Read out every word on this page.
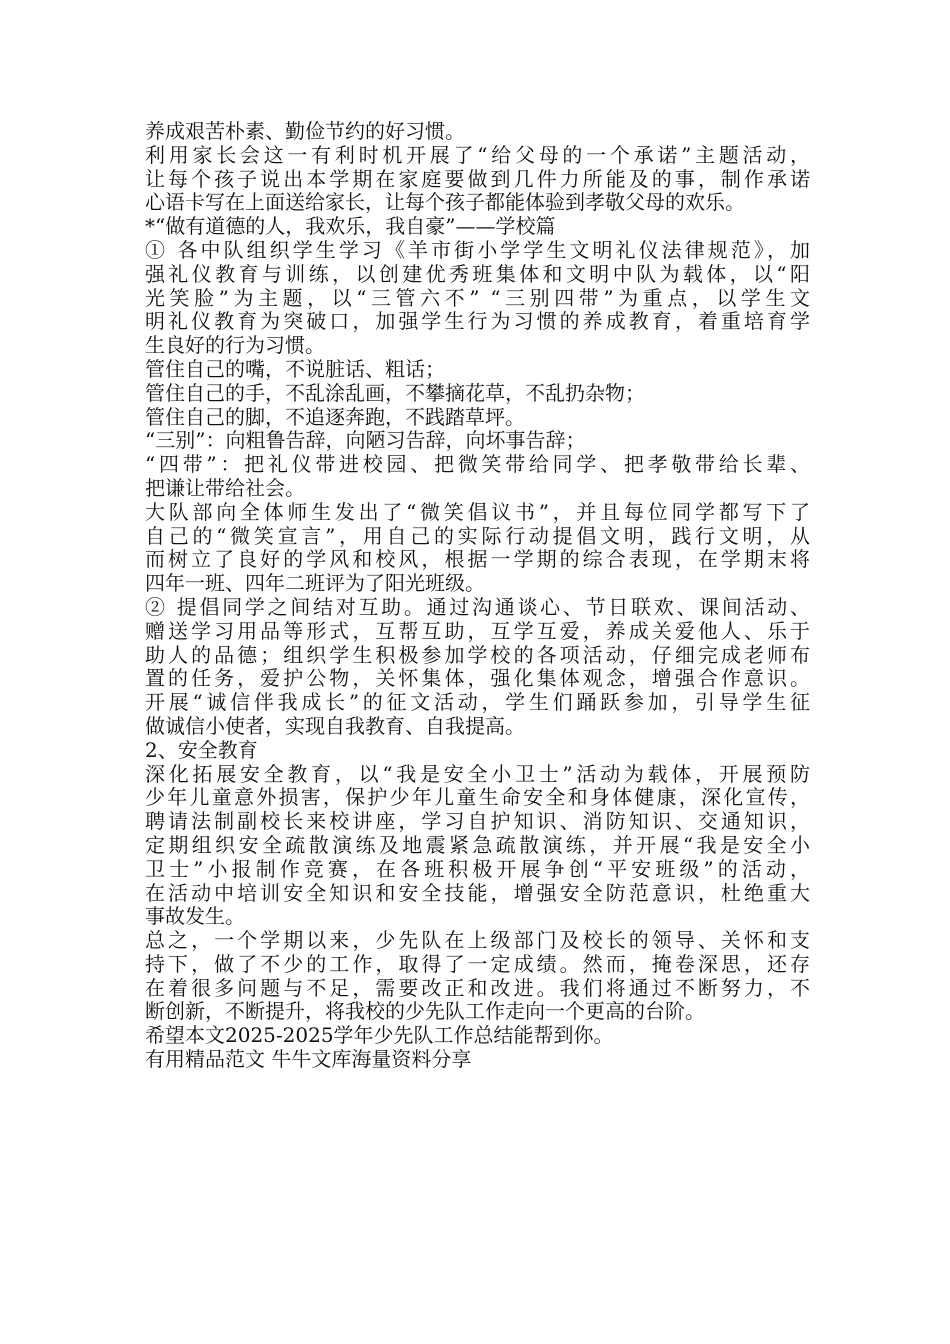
养成艰苦朴素、勤俭节约的好习惯。
利用家长会这一有利时机开展了“给父母的一个承诺”主题活动，
让每个孩子说出本学期在家庭要做到几件力所能及的事，制作承诺
心语卡写在上面送给家长，让每个孩子都能体验到孝敬父母的欢乐。
*“做有道德的人，我欢乐，我自豪”——学校篇
① 各中队组织学生学习《羊市街小学学生文明礼仪法律规范》，加
强礼仪教育与训练，以创建优秀班集体和文明中队为载体，以“阳
光笑脸”为主题，以“三管六不” “三别四带”为重点，以学生文
明礼仪教育为突破口，加强学生行为习惯的养成教育，着重培育学
生良好的行为习惯。
管住自己的嘴，不说脏话、粗话；
管住自己的手，不乱涂乱画，不攀摘花草，不乱扔杂物；
管住自己的脚，不追逐奔跑，不践踏草坪。
“三别”：向粗鲁告辞，向陋习告辞，向坏事告辞；
“四带”：把礼仪带进校园、把微笑带给同学、把孝敬带给长辈、
把谦让带给社会。
大队部向全体师生发出了“微笑倡议书”，并且每位同学都写下了
自己的“微笑宣言”，用自己的实际行动提倡文明，践行文明，从
而树立了良好的学风和校风，根据一学期的综合表现，在学期末将
四年一班、四年二班评为了阳光班级。
② 提倡同学之间结对互助。通过沟通谈心、节日联欢、课间活动、
赠送学习用品等形式，互帮互助，互学互爱，养成关爱他人、乐于
助人的品德；组织学生积极参加学校的各项活动，仔细完成老师布
置的任务，爱护公物，关怀集体，强化集体观念，增强合作意识。
开展“诚信伴我成长”的征文活动，学生们踊跃参加，引导学生征
做诚信小使者，实现自我教育、自我提高。
2、安全教育
深化拓展安全教育，以“我是安全小卫士”活动为载体，开展预防
少年儿童意外损害，保护少年儿童生命安全和身体健康，深化宣传，
聘请法制副校长来校讲座，学习自护知识、消防知识、交通知识，
定期组织安全疏散演练及地震紧急疏散演练，并开展“我是安全小
卫士”小报制作竞赛，在各班积极开展争创“平安班级”的活动，
在活动中培训安全知识和安全技能，增强安全防范意识，杜绝重大
事故发生。
总之，一个学期以来，少先队在上级部门及校长的领导、关怀和支
持下，做了不少的工作，取得了一定成绩。然而，掩卷深思，还存
在着很多问题与不足，需要改正和改进。我们将通过不断努力，不
断创新，不断提升，将我校的少先队工作走向一个更高的台阶。
希望本文2025-2025学年少先队工作总结能帮到你。
有用精品范文 牛牛文库海量资料分享
